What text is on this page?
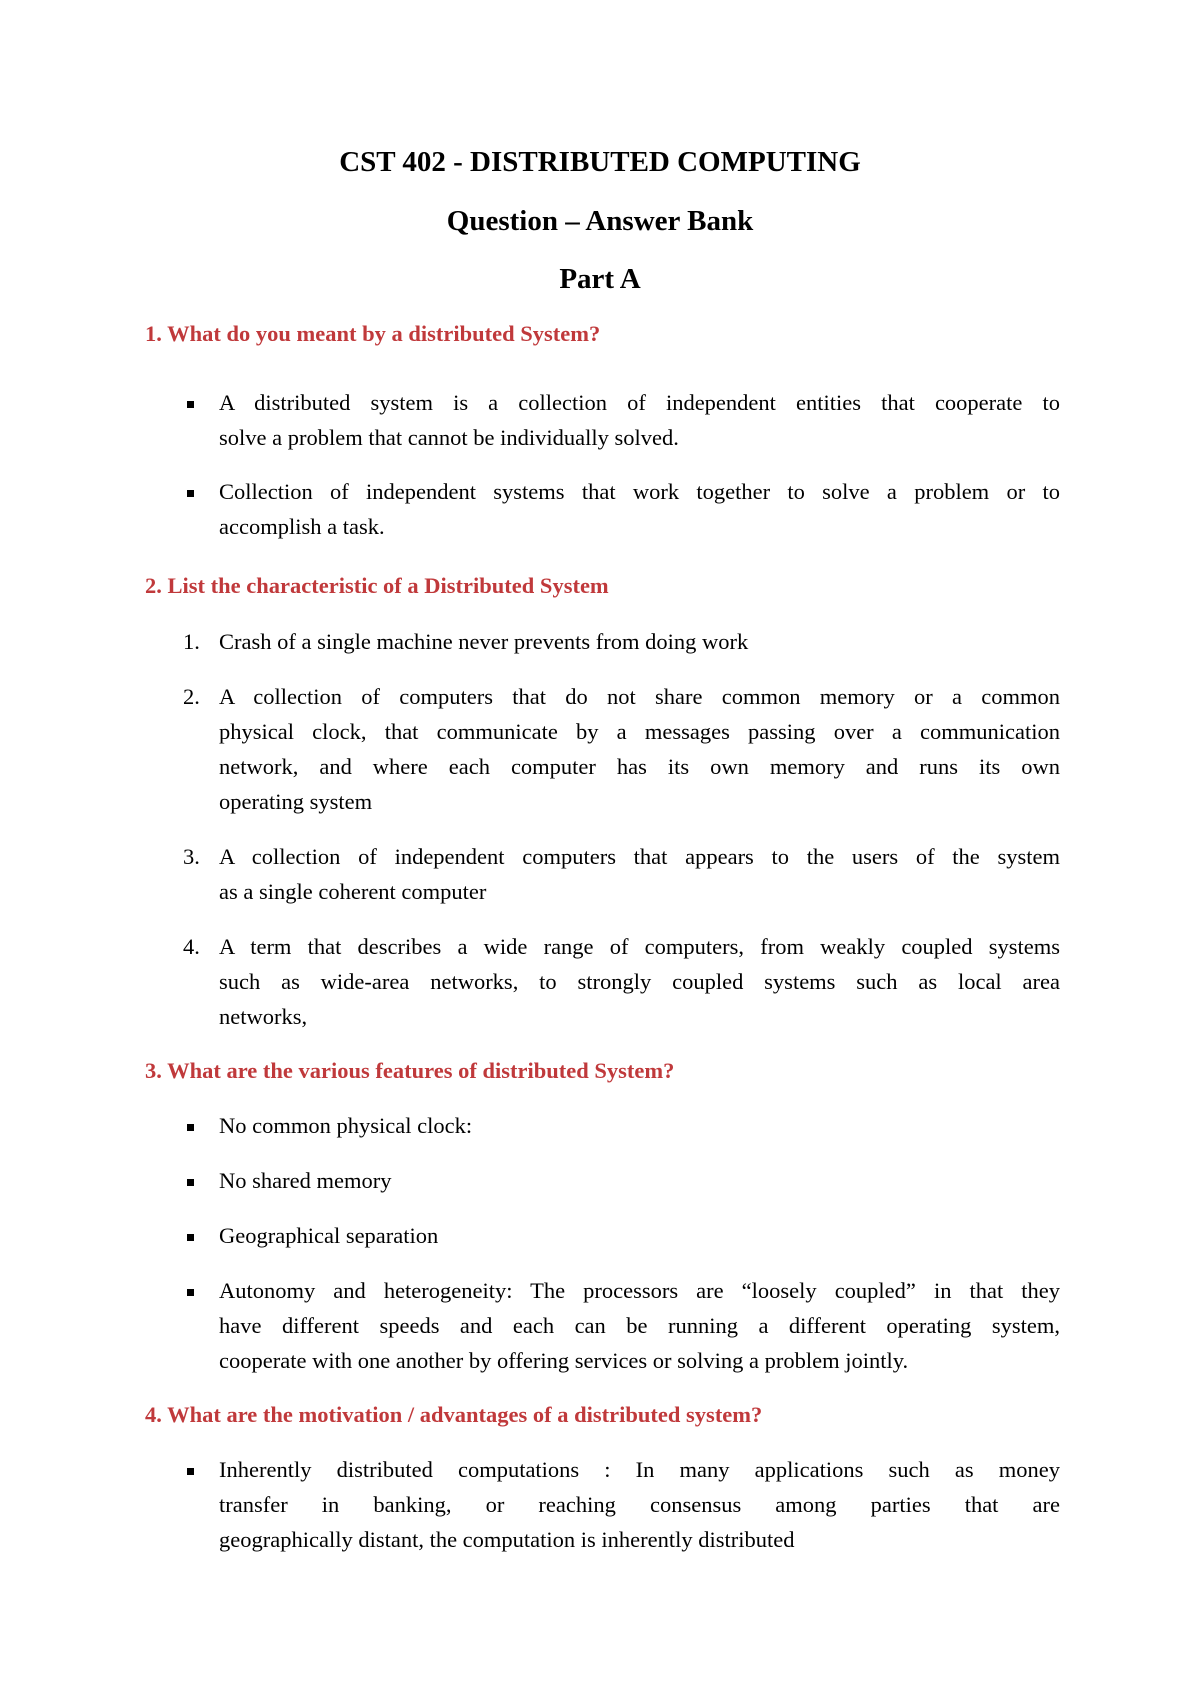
CST 402 - DISTRIBUTED COMPUTING
Question – Answer Bank
Part A
1. What do you meant by a distributed System?
A distributed system is a collection of independent entities that cooperate to
solve a problem that cannot be individually solved.
Collection of independent systems that work together to solve a problem or to
accomplish a task.
2. List the characteristic of a Distributed System
1. Crash of a single machine never prevents from doing work
2. A collection of computers that do not share common memory or a common
physical clock, that communicate by a messages passing over a communication
network, and where each computer has its own memory and runs its own
operating system
3. A collection of independent computers that appears to the users of the system
as a single coherent computer
4. A term that describes a wide range of computers, from weakly coupled systems
such as wide-area networks, to strongly coupled systems such as local area
networks,
3. What are the various features of distributed System?
No common physical clock:
No shared memory
Geographical separation
Autonomy and heterogeneity: The processors are “loosely coupled” in that they
have different speeds and each can be running a different operating system,
cooperate with one another by offering services or solving a problem jointly.
4. What are the motivation / advantages of a distributed system?
Inherently distributed computations : In many applications such as money
transfer in banking, or reaching consensus among parties that are
geographically distant, the computation is inherently distributed
